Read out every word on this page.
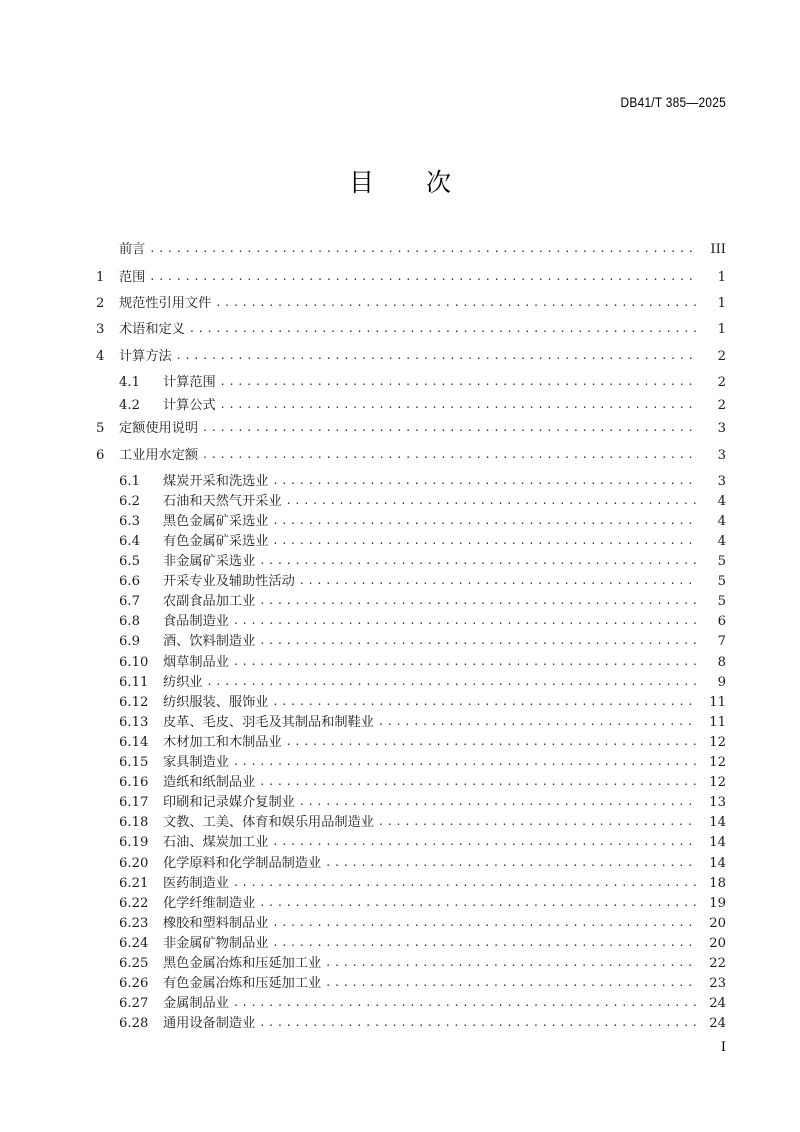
DB41/T 385—2025
目 次
前言 . . .	III
1	范围 . . .	1
2	规范性引用文件 . . .	1
3	术语和定义 . . .	1
4	计算方法 . . .	2
4.1	计算范围 . . .	2
4.2	计算公式 . . .	2
5	定额使用说明 . . .	3
6	工业用水定额 . . .	3
6.1	煤炭开采和洗选业 . . .	3
6.2	石油和天然气开采业 . . .	4
6.3	黑色金属矿采选业 . . .	4
6.4	有色金属矿采选业 . . .	4
6.5	非金属矿采选业 . . .	5
6.6	开采专业及辅助性活动 . . .	5
6.7	农副食品加工业 . . .	5
6.8	食品制造业 . . .	6
6.9	酒、饮料制造业 . . .	7
6.10	烟草制品业 . . .	8
6.11	纺织业 . . .	9
6.12	纺织服装、服饰业 . . .	11
6.13	皮革、毛皮、羽毛及其制品和制鞋业 . . .	11
6.14	木材加工和木制品业 . . .	12
6.15	家具制造业 . . .	12
6.16	造纸和纸制品业 . . .	12
6.17	印刷和记录媒介复制业 . . .	13
6.18	文教、工美、体育和娱乐用品制造业 . . .	14
6.19	石油、煤炭加工业 . . .	14
6.20	化学原料和化学制品制造业 . . .	14
6.21	医药制造业 . . .	18
6.22	化学纤维制造业 . . .	19
6.23	橡胶和塑料制品业 . . .	20
6.24	非金属矿物制品业 . . .	20
6.25	黑色金属冶炼和压延加工业 . . .	22
6.26	有色金属冶炼和压延加工业 . . .	23
6.27	金属制品业 . . .	24
6.28	通用设备制造业 . . .	24
I
